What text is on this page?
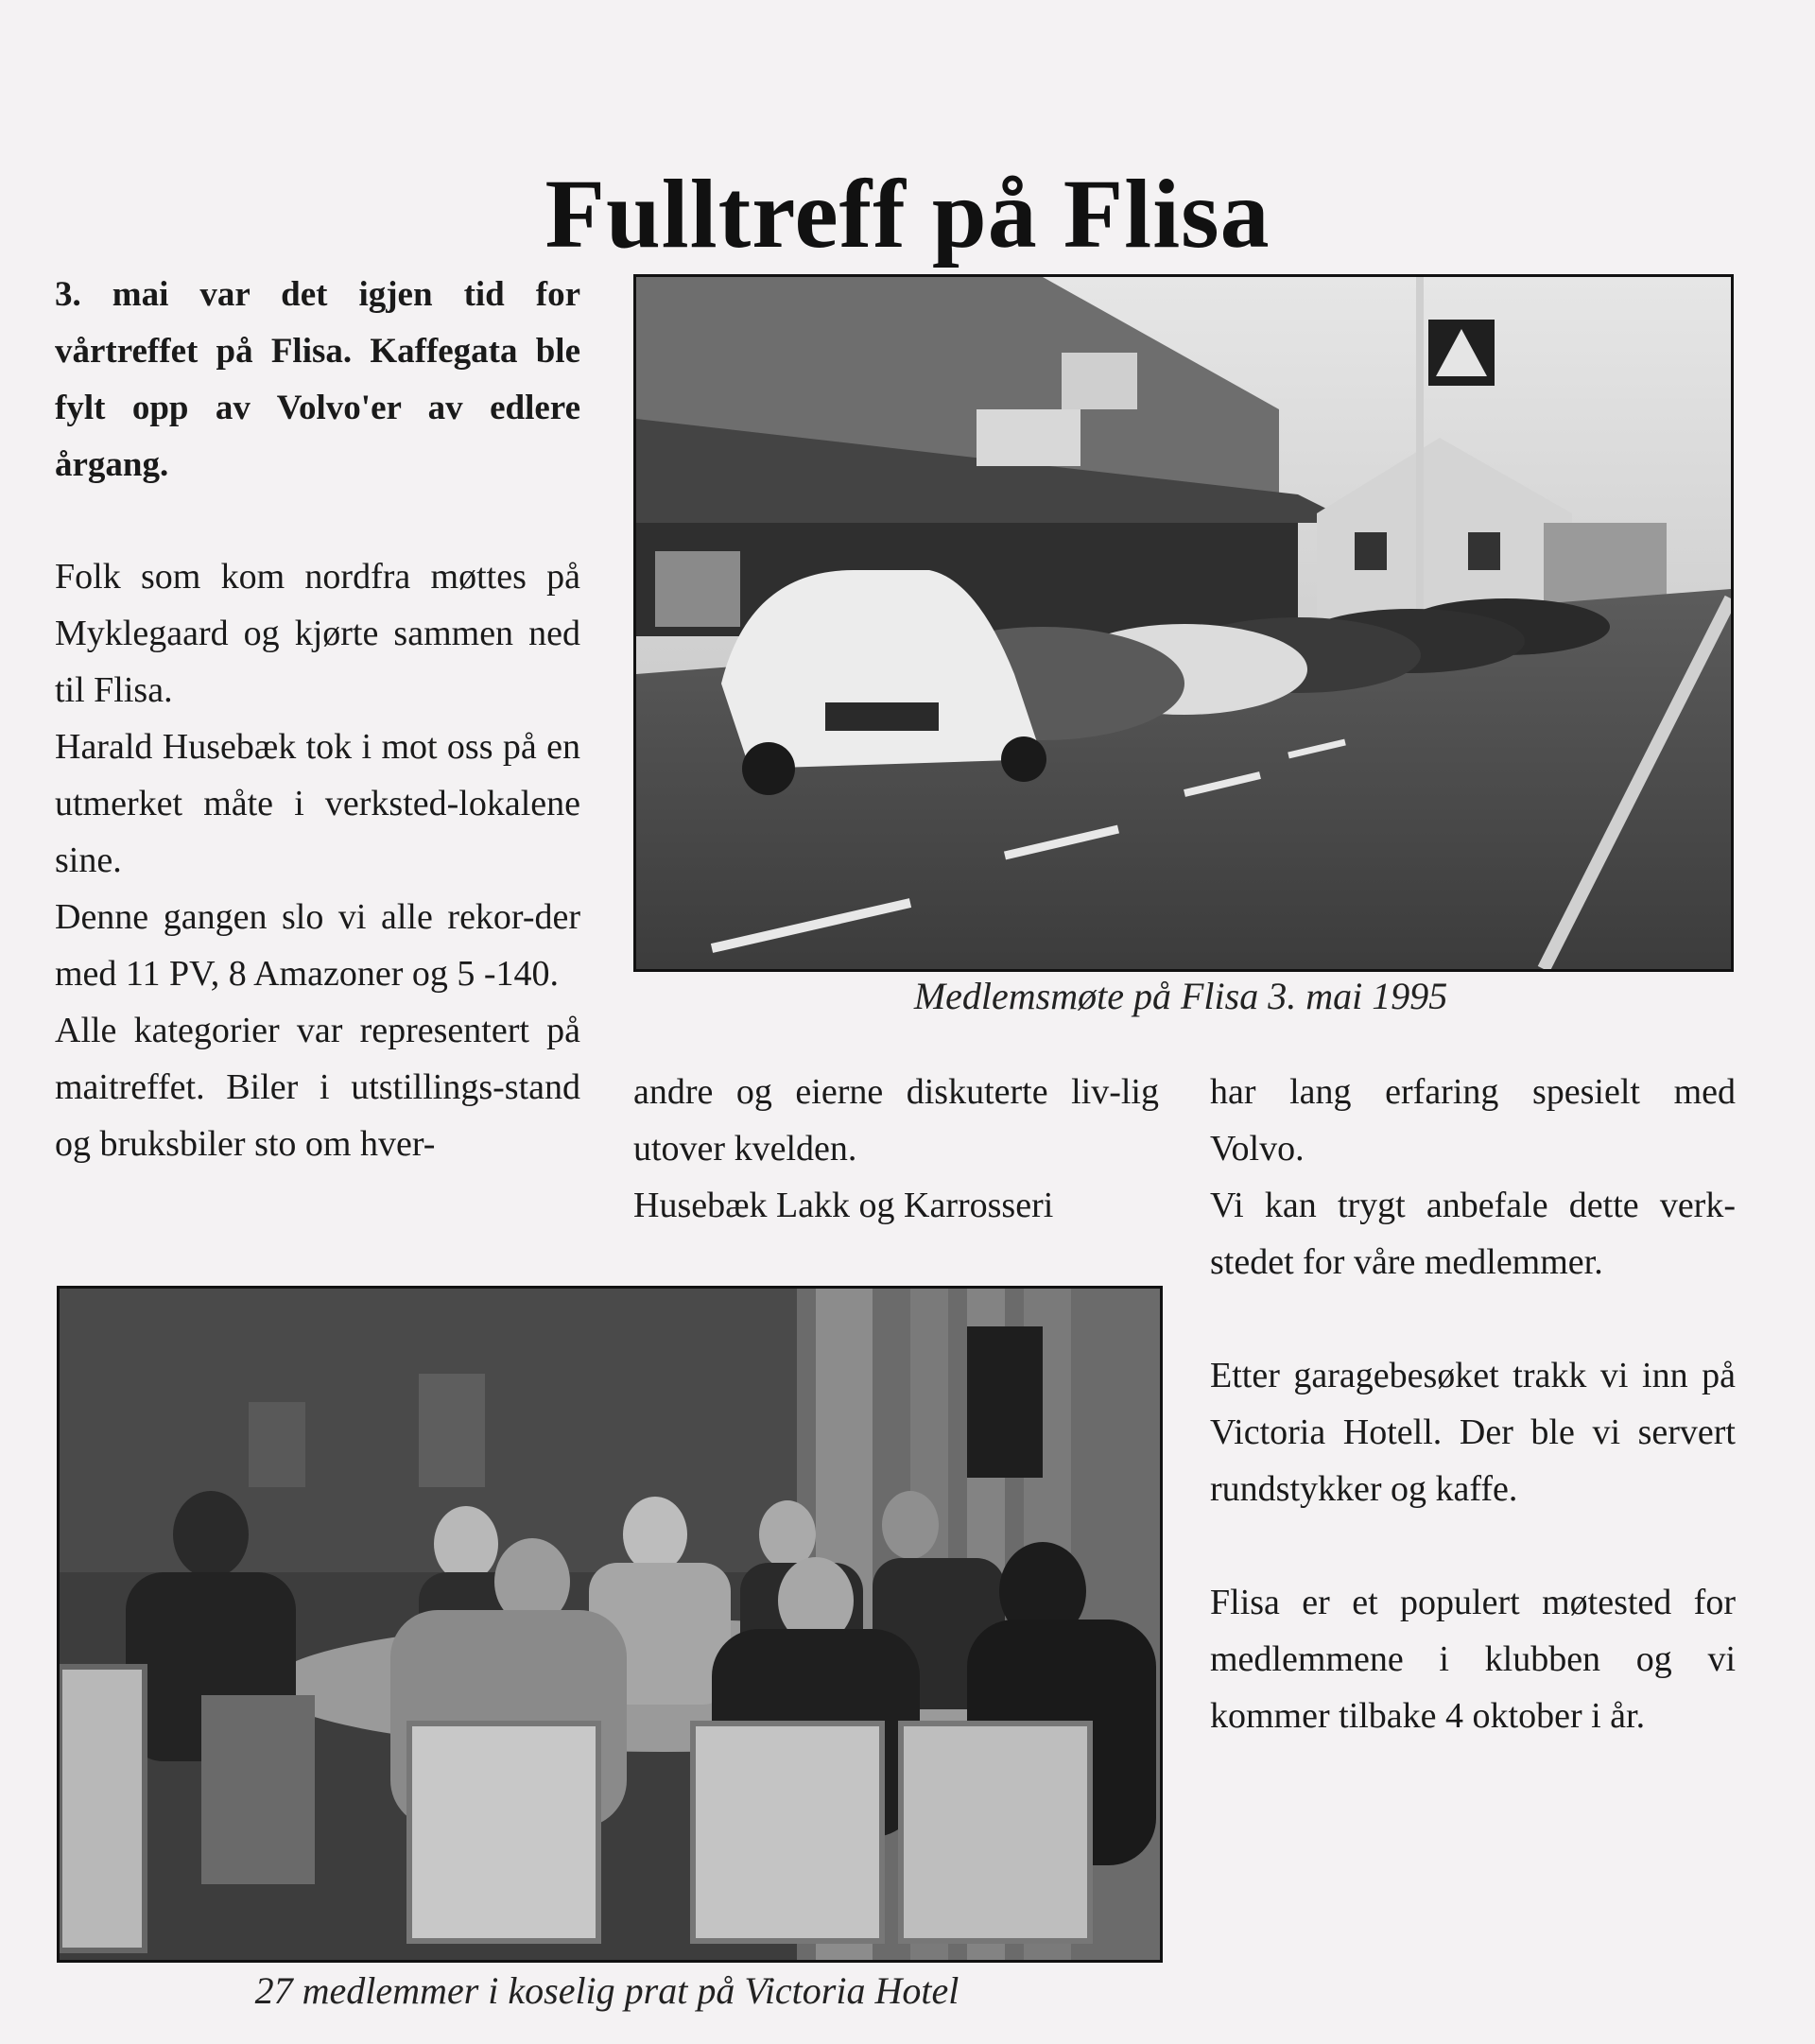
Fulltreff på Flisa
3. mai var det igjen tid for vårtreffet på Flisa. Kaffegata ble fylt opp av Volvo'er av edlere årgang.

Folk som kom nordfra møttes på Myklegaard og kjørte sammen ned til Flisa.

Harald Husebæk tok i mot oss på en utmerket måte i verksted-lokalene sine.

Denne gangen slo vi alle rekor-der med 11 PV, 8 Amazoner og 5 -140.

Alle kategorier var representert på maitreffet. Biler i utstillings-stand og bruksbiler sto om hver-

Medlemsmøte på Flisa 3. mai 1995

andre og eierne diskuterte liv-lig utover kvelden.

Husebæk Lakk og Karrosseri

har lang erfaring spesielt med Volvo.

Vi kan trygt anbefale dette verk-stedet for våre medlemmer.

Etter garagebesøket trakk vi inn på Victoria Hotell. Der ble vi servert rundstykker og kaffe.

Flisa er et populert møtested for medlemmene i klubben og vi kommer tilbake 4 oktober i år.

27 medlemmer i koselig prat på Victoria Hotel
